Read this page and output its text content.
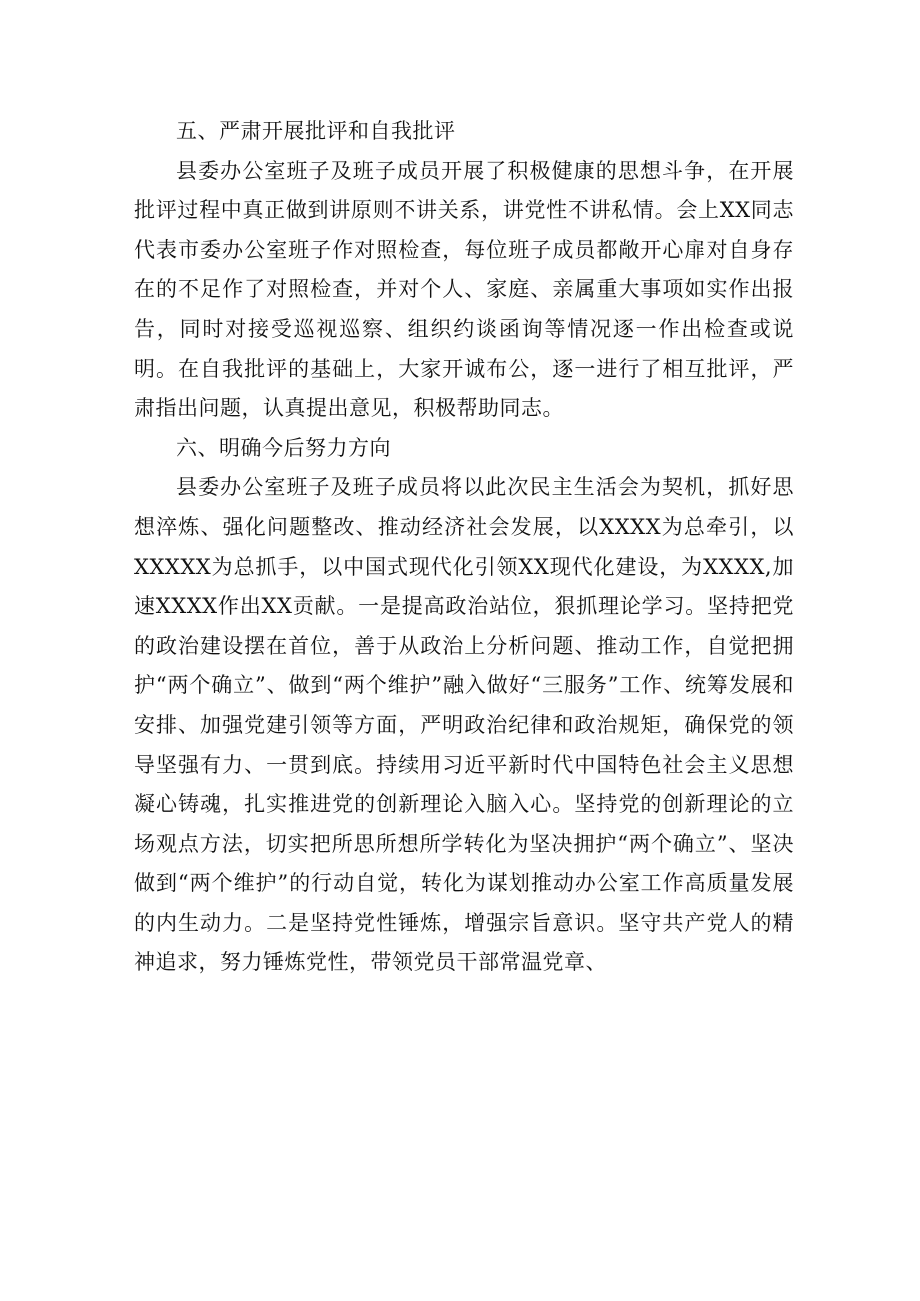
五、严肃开展批评和自我批评

县委办公室班子及班子成员开展了积极健康的思想斗争，在开展批评过程中真正做到讲原则不讲关系，讲党性不讲私情。会上XX同志代表市委办公室班子作对照检查，每位班子成员都敞开心扉对自身存在的不足作了对照检查，并对个人、家庭、亲属重大事项如实作出报告，同时对接受巡视巡察、组织约谈函询等情况逐一作出检查或说明。在自我批评的基础上，大家开诚布公，逐一进行了相互批评，严肃指出问题，认真提出意见，积极帮助同志。

六、明确今后努力方向

县委办公室班子及班子成员将以此次民主生活会为契机，抓好思想淬炼、强化问题整改、推动经济社会发展，以XXXX为总牵引，以XXXXX为总抓手，以中国式现代化引领XX现代化建设，为XXXX,加速XXXX作出XX贡献。一是提高政治站位，狠抓理论学习。坚持把党的政治建设摆在首位，善于从政治上分析问题、推动工作，自觉把拥护“两个确立”、做到“两个维护”融入做好“三服务”工作、统筹发展和安排、加强党建引领等方面，严明政治纪律和政治规矩，确保党的领导坚强有力、一贯到底。持续用习近平新时代中国特色社会主义思想凝心铸魂，扎实推进党的创新理论入脑入心。坚持党的创新理论的立场观点方法，切实把所思所想所学转化为坚决拥护“两个确立”、坚决做到“两个维护”的行动自觉，转化为谋划推动办公室工作高质量发展的内生动力。二是坚持党性锤炼，增强宗旨意识。坚守共产党人的精神追求，努力锤炼党性，带领党员干部常温党章、
